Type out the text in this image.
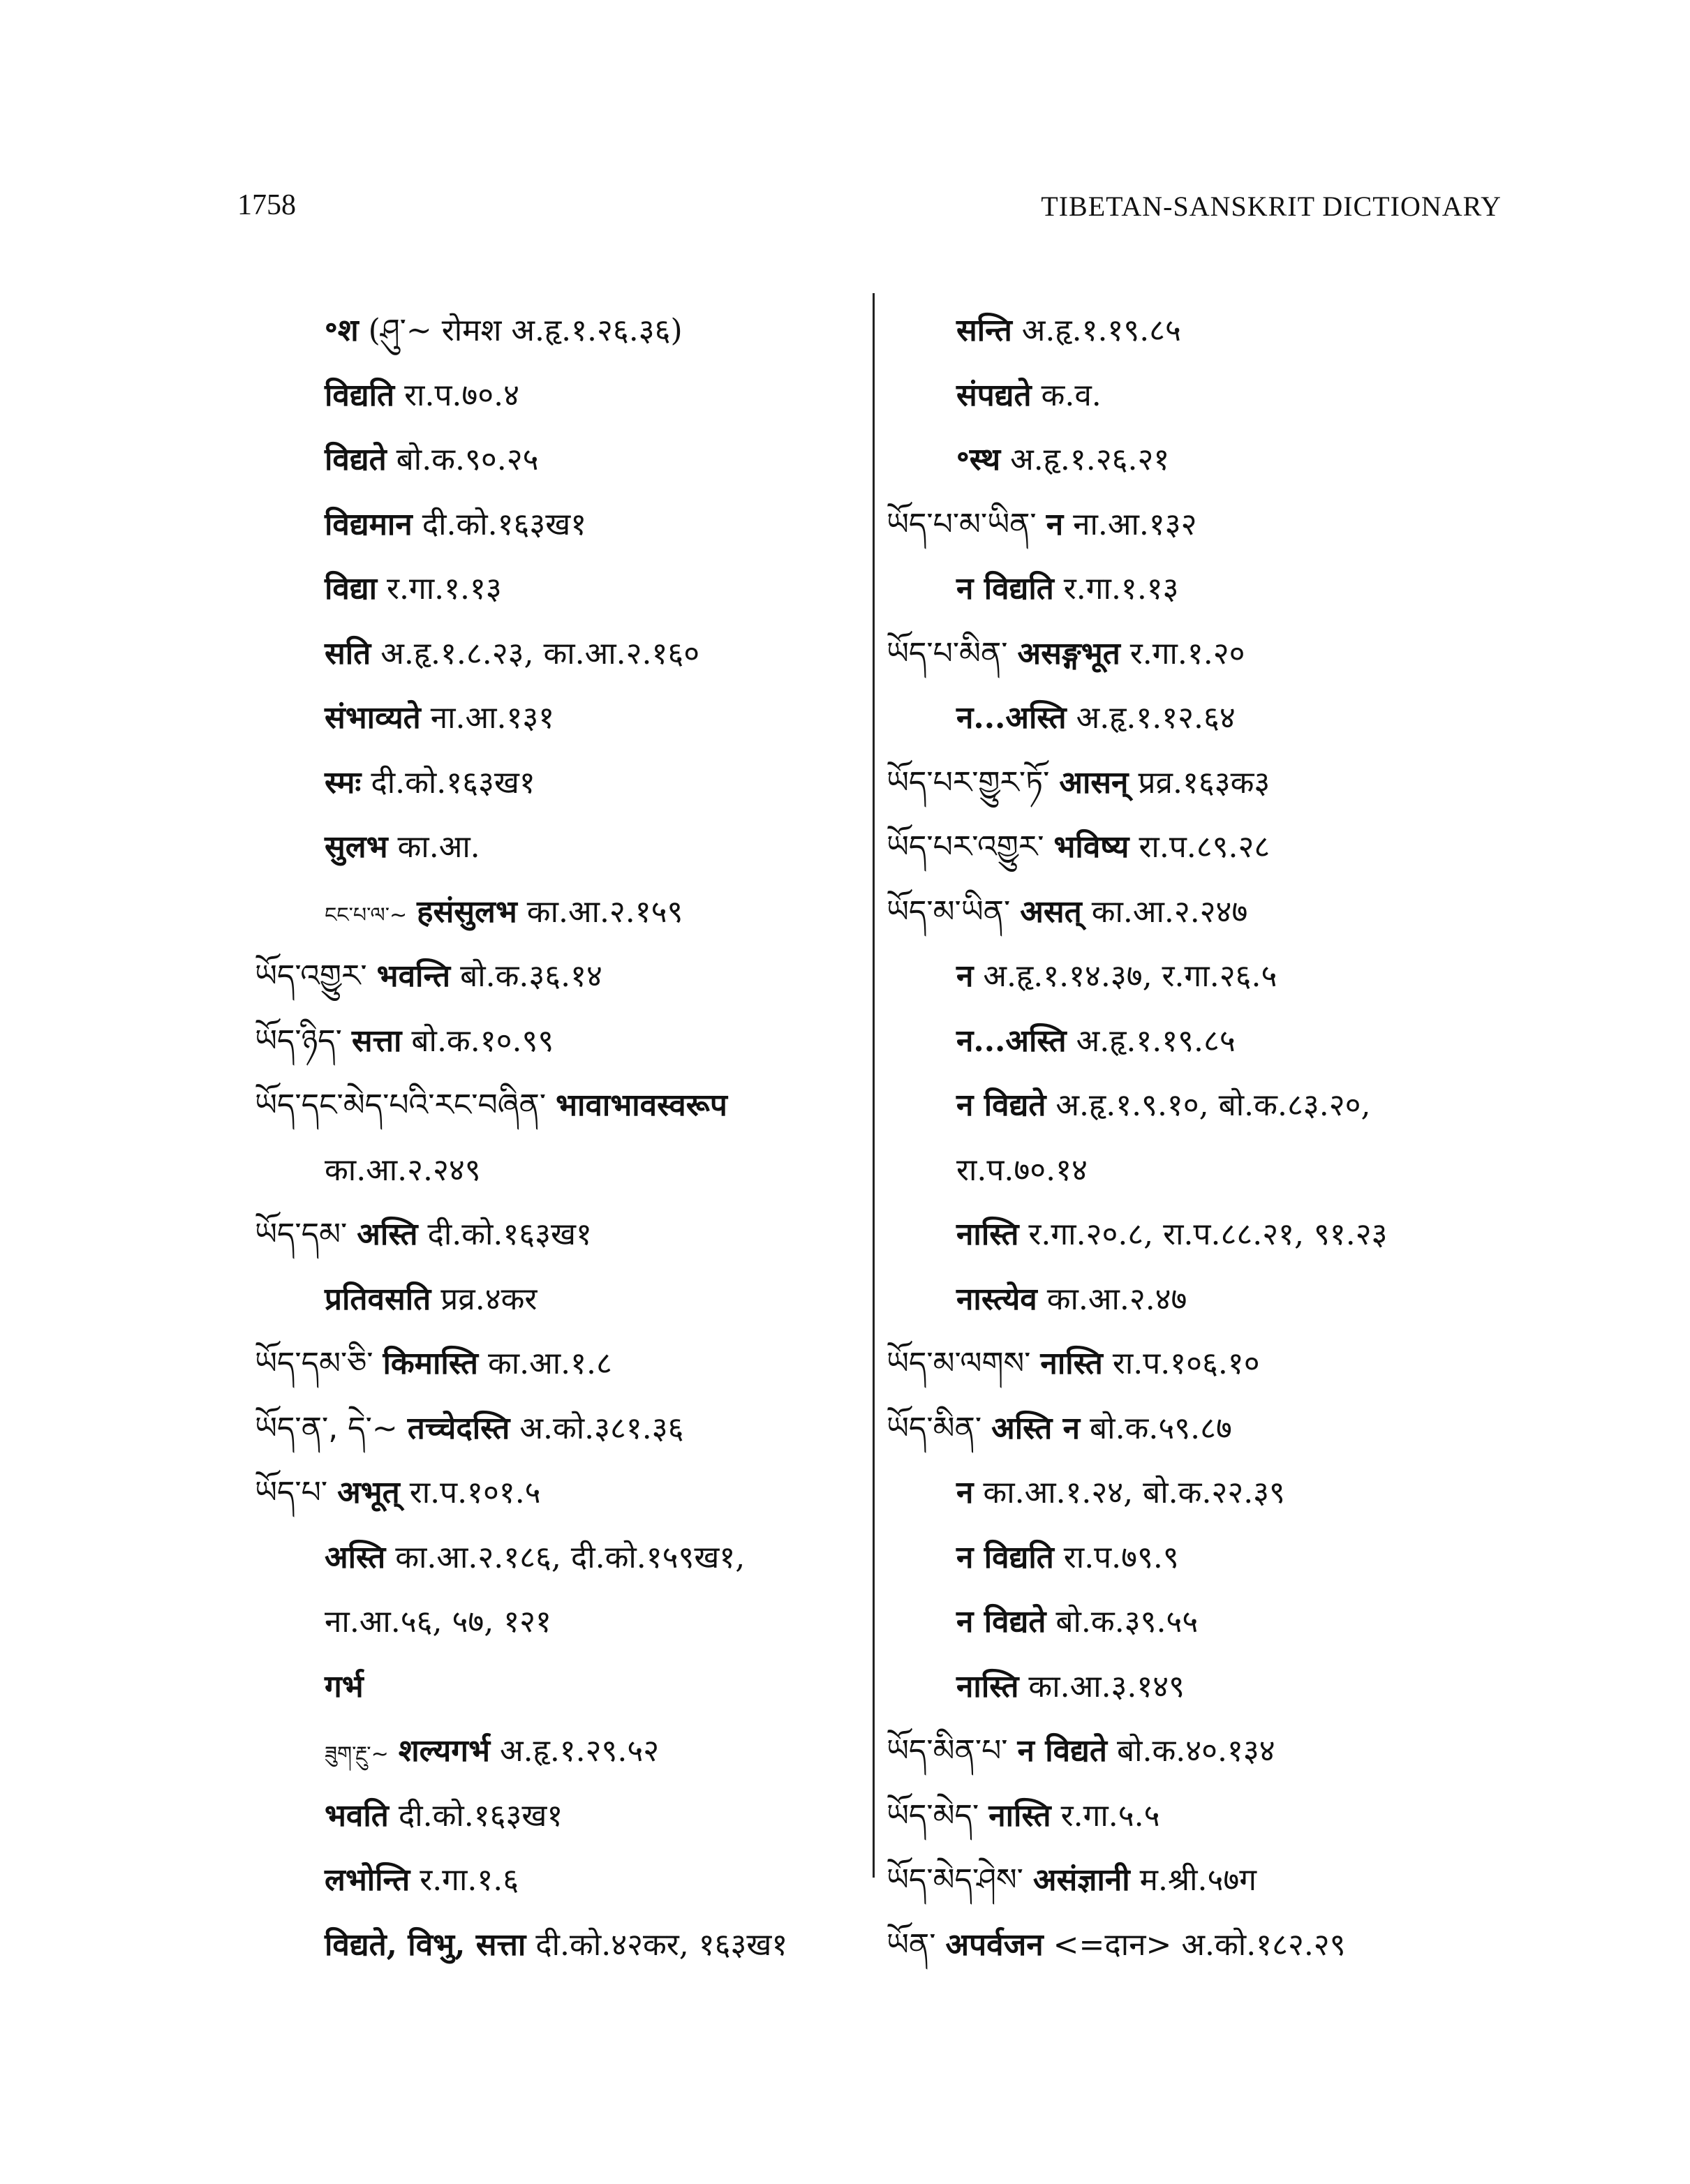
1758	TIBETAN-SANSKRIT DICTIONARY
॰श (ཤུ་~ रोमश अ.हृ.१.२६.३६)
विद्यति रा.प.७०.४
विद्यते बो.क.९०.२५
विद्यमान दी.को.१६३ख१
विद्या र.गा.१.१३
सति अ.हृ.१.८.२३, का.आ.२.१६०
संभाव्यते ना.आ.१३१
स्मः दी.को.१६३ख१
सुलभ का.आ.
ངང་པ་ལ་~ हसंसुलभ का.आ.२.१५९
ཡོད་འགྱུར་ भवन्ति बो.क.३६.१४
ཡོད་ཉིད་ सत्ता बो.क.१०.९९
ཡོད་དང་མེད་པའི་རང་བཞིན་ भावाभावस्वरूप
का.आ.२.२४९
ཡོད་དམ་ अस्ति दी.को.१६३ख१
प्रतिवसति प्रव्र.४कर
ཡོད་དམ་ཅི་ किमास्ति का.आ.१.८
ཡོད་ན་, དེ་~ तच्चेदस्ति अ.को.३८१.३६
ཡོད་པ་ अभूत् रा.प.१०१.५
अस्ति का.आ.२.१८६, दी.को.१५९ख१,
ना.आ.५६, ५७, १२१
गर्भ
ཟུག་རྔུ་~ शल्यगर्भ अ.हृ.१.२९.५२
भवति दी.को.१६३ख१
लभोन्ति र.गा.१.६
विद्यते, विभु, सत्ता दी.को.४२कर, १६३ख१
सन्ति अ.हृ.१.१९.८५
संपद्यते क.व.
॰स्थ अ.हृ.१.२६.२१
ཡོད་པ་མ་ཡིན་ न ना.आ.१३२
न विद्यति र.गा.१.१३
ཡོད་པ་མིན་ असङ्गभूत र.गा.१.२०
न...अस्ति अ.हृ.१.१२.६४
ཡོད་པར་གྱུར་ཏོ་ आसन् प्रव्र.१६३क३
ཡོད་པར་འགྱུར་ भविष्य रा.प.८९.२८
ཡོད་མ་ཡིན་ असत् का.आ.२.२४७
न अ.हृ.१.१४.३७, र.गा.२६.५
न...अस्ति अ.हृ.१.१९.८५
न विद्यते अ.हृ.१.९.१०, बो.क.८३.२०,
रा.प.७०.१४
नास्ति र.गा.२०.८, रा.प.८८.२१, ९१.२३
नास्त्येव का.आ.२.४७
ཡོད་མ་ལགས་ नास्ति रा.प.१०६.१०
ཡོད་མིན་ अस्ति न बो.क.५९.८७
न का.आ.१.२४, बो.क.२२.३९
न विद्यति रा.प.७९.९
न विद्यते बो.क.३९.५५
नास्ति का.आ.३.१४९
ཡོད་མིན་པ་ न विद्यते बो.क.४०.१३४
ཡོད་མེད་ नास्ति र.गा.५.५
ཡོད་མེད་ཤེས་ असंज्ञानी म.श्री.५७ग
ཡོན་ अपर्वजन <=दान> अ.को.१८२.२९
